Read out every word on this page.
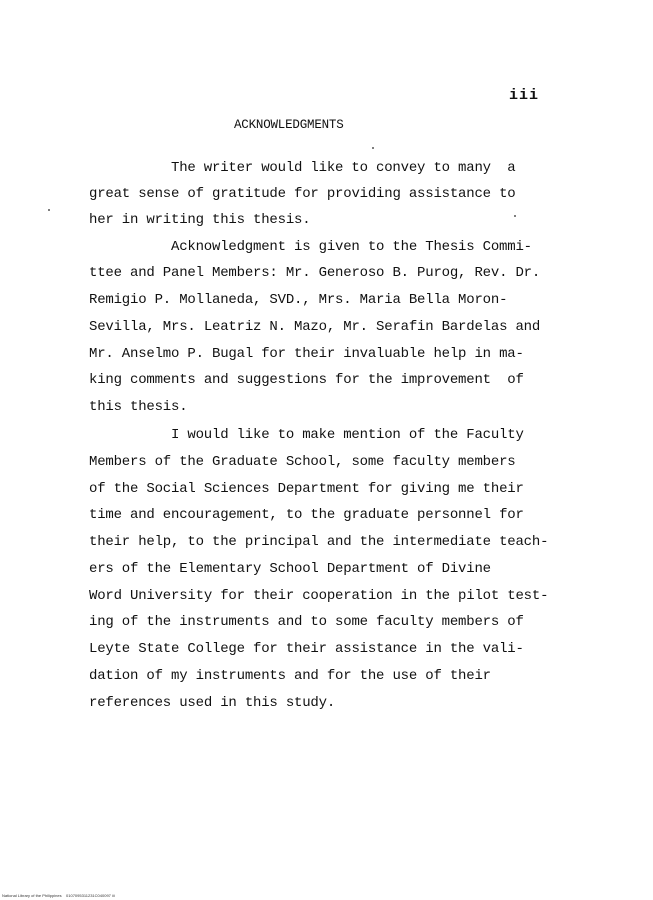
iii
ACKNOWLEDGMENTS
The writer would like to convey to many  a
great sense of gratitude for providing assistance to
her in writing this thesis.
Acknowledgment is given to the Thesis Commi-
ttee and Panel Members: Mr. Generoso B. Purog, Rev. Dr.
Remigio P. Mollaneda, SVD., Mrs. Maria Bella Moron-
Sevilla, Mrs. Leatriz N. Mazo, Mr. Serafin Bardelas and
Mr. Anselmo P. Bugal for their invaluable help in ma-
king comments and suggestions for the improvement  of
this thesis.
I would like to make mention of the Faculty
Members of the Graduate School, some faculty members
of the Social Sciences Department for giving me their
time and encouragement, to the graduate personnel for
their help, to the principal and the intermediate teach-
ers of the Elementary School Department of Divine
Word University for their cooperation in the pilot test-
ing of the instruments and to some faculty members of
Leyte State College for their assistance in the vali-
dation of my instruments and for the use of their
references used in this study.
National Library of the Philippines    0107095311231C040097 iii
